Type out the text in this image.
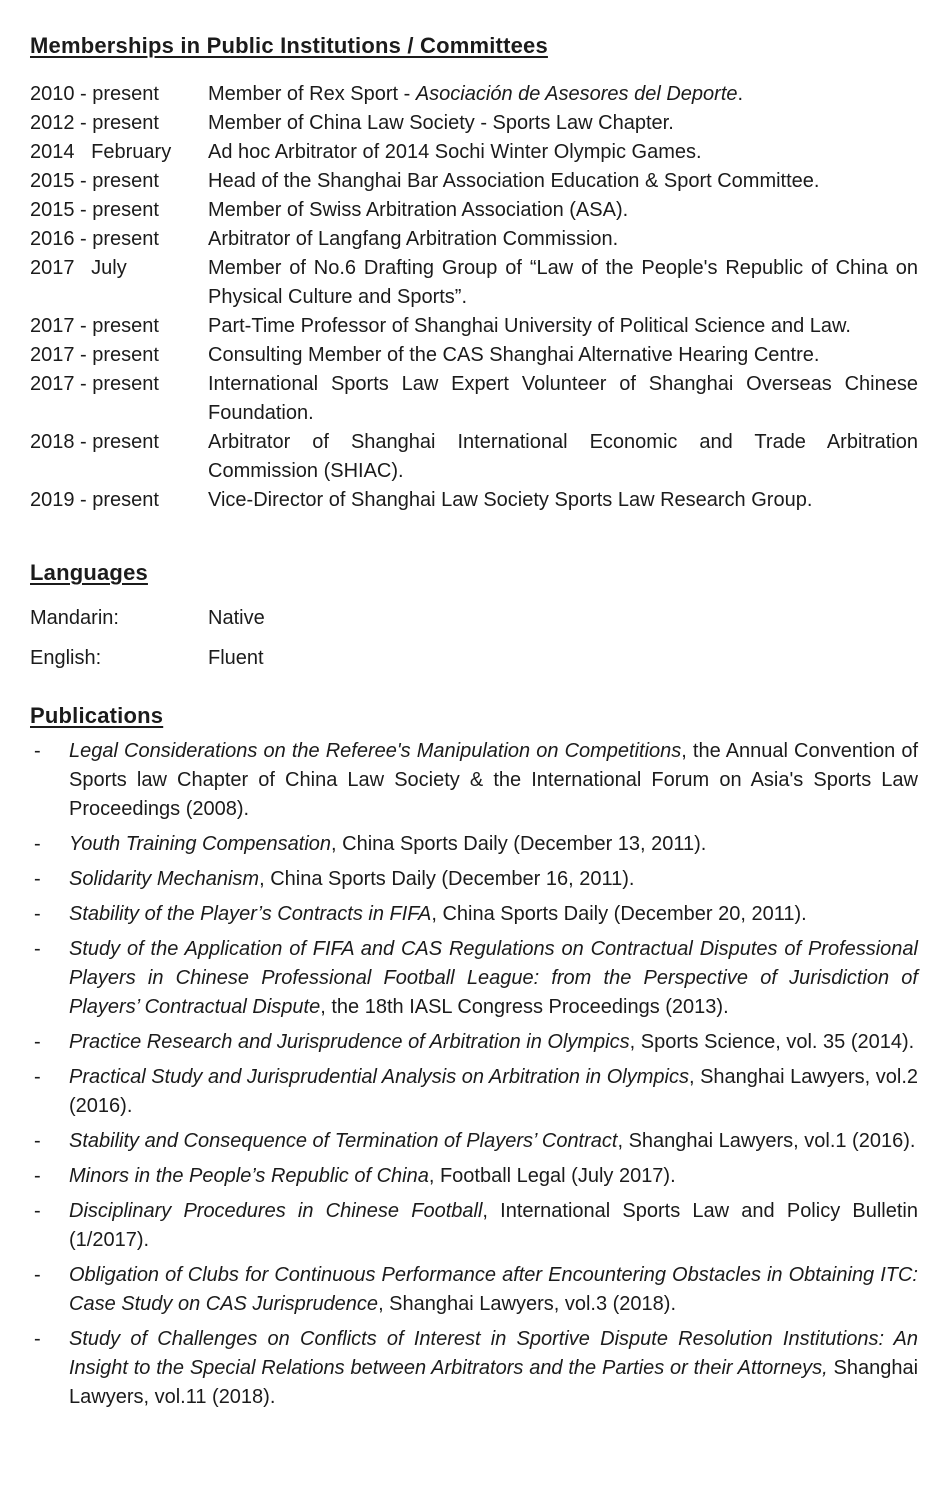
Memberships in Public Institutions / Committees
2010 - present	Member of Rex Sport - Asociación de Asesores del Deporte.
2012 - present	Member of China Law Society - Sports Law Chapter.
2014   February	Ad hoc Arbitrator of 2014 Sochi Winter Olympic Games.
2015 - present	Head of the Shanghai Bar Association Education & Sport Committee.
2015 - present	Member of Swiss Arbitration Association (ASA).
2016 - present	Arbitrator of Langfang Arbitration Commission.
2017   July	Member of No.6 Drafting Group of “Law of the People's Republic of China on Physical Culture and Sports”.
2017 - present	Part-Time Professor of Shanghai University of Political Science and Law.
2017 - present	Consulting Member of the CAS Shanghai Alternative Hearing Centre.
2017 - present	International Sports Law Expert Volunteer of Shanghai Overseas Chinese Foundation.
2018 - present	Arbitrator of Shanghai International Economic and Trade Arbitration Commission (SHIAC).
2019 - present	Vice-Director of Shanghai Law Society Sports Law Research Group.
Languages
Mandarin:	Native
English:	Fluent
Publications
-	Legal Considerations on the Referee's Manipulation on Competitions, the Annual Convention of Sports law Chapter of China Law Society & the International Forum on Asia's Sports Law Proceedings (2008).
-	Youth Training Compensation, China Sports Daily (December 13, 2011).
-	Solidarity Mechanism, China Sports Daily (December 16, 2011).
-	Stability of the Player’s Contracts in FIFA, China Sports Daily (December 20, 2011).
-	Study of the Application of FIFA and CAS Regulations on Contractual Disputes of Professional Players in Chinese Professional Football League: from the Perspective of Jurisdiction of Players’ Contractual Dispute, the 18th IASL Congress Proceedings (2013).
-	Practice Research and Jurisprudence of Arbitration in Olympics, Sports Science, vol. 35 (2014).
-	Practical Study and Jurisprudential Analysis on Arbitration in Olympics, Shanghai Lawyers, vol.2 (2016).
-	Stability and Consequence of Termination of Players’ Contract, Shanghai Lawyers, vol.1 (2016).
-	Minors in the People’s Republic of China, Football Legal (July 2017).
-	Disciplinary Procedures in Chinese Football, International Sports Law and Policy Bulletin (1/2017).
-	Obligation of Clubs for Continuous Performance after Encountering Obstacles in Obtaining ITC: Case Study on CAS Jurisprudence, Shanghai Lawyers, vol.3 (2018).
-	Study of Challenges on Conflicts of Interest in Sportive Dispute Resolution Institutions: An Insight to the Special Relations between Arbitrators and the Parties or their Attorneys, Shanghai Lawyers, vol.11 (2018).
